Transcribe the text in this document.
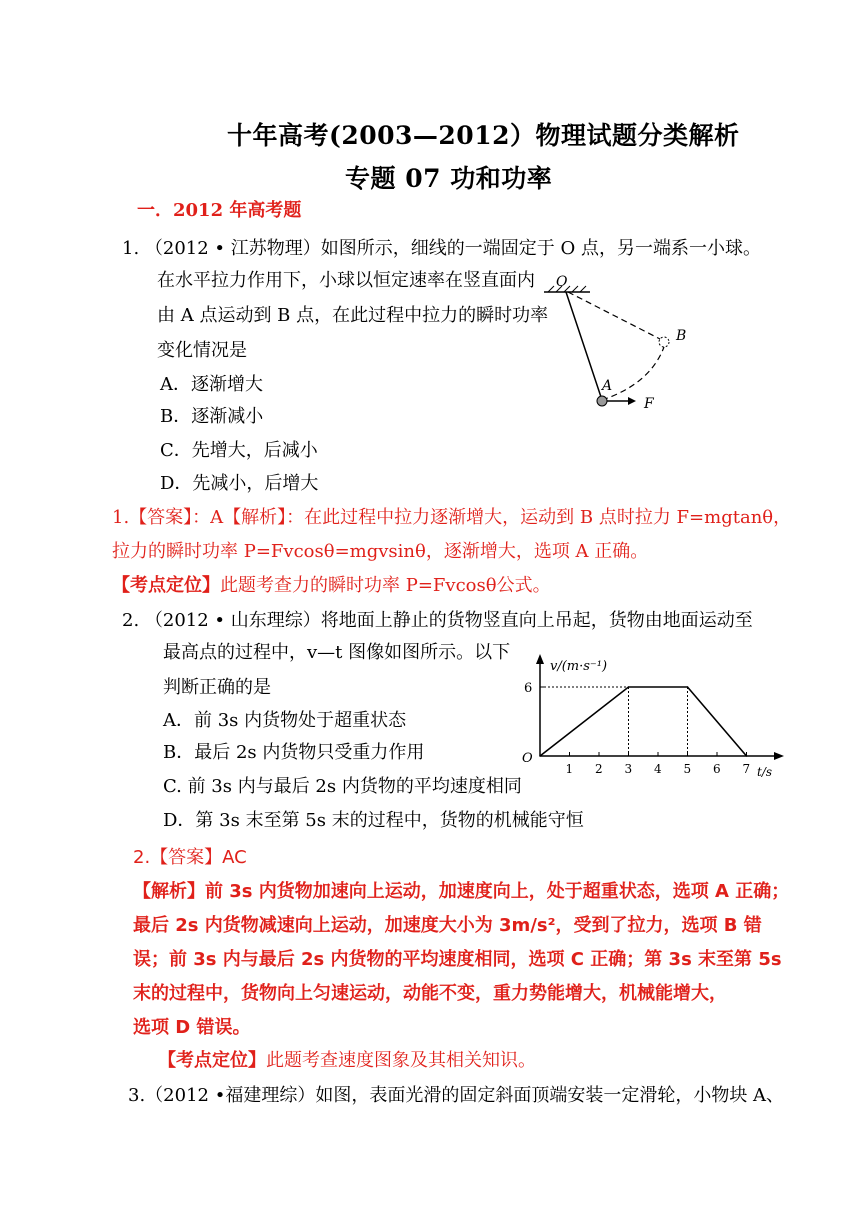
十年高考(2003—2012）物理试题分类解析
专题 07 功和功率
一．2012 年高考题
1. （2012 • 江苏物理）如图所示，细线的一端固定于 O 点，另一端系一小球。
在水平拉力作用下，小球以恒定速率在竖直面内
由 A 点运动到 B 点，在此过程中拉力的瞬时功率
变化情况是
A．逐渐增大
B．逐渐减小
C．先增大，后减小
D．先减小，后增大
O
B
A
F
1.【答案】：A【解析】：在此过程中拉力逐渐增大，运动到 B 点时拉力 F=mgtanθ，
拉力的瞬时功率 P=Fvcosθ=mgvsinθ，逐渐增大，选项 A 正确。
【考点定位】此题考查力的瞬时功率 P=Fvcosθ公式。
2. （2012 • 山东理综）将地面上静止的货物竖直向上吊起，货物由地面运动至
最高点的过程中，v—t 图像如图所示。以下
判断正确的是
A．前 3s 内货物处于超重状态
B．最后 2s 内货物只受重力作用
C. 前 3s 内与最后 2s 内货物的平均速度相同
D．第 3s 末至第 5s 末的过程中，货物的机械能守恒
v/(m·s⁻¹)
t/s
O
1 2 3 4 5 6 7
6
2.【答案】AC
【解析】前 3s 内货物加速向上运动，加速度向上，处于超重状态，选项 A 正确；
最后 2s 内货物减速向上运动，加速度大小为 3m/s²，受到了拉力，选项 B 错
误；前 3s 内与最后 2s 内货物的平均速度相同，选项 C 正确；第 3s 末至第 5s
末的过程中，货物向上匀速运动，动能不变，重力势能增大，机械能增大，
选项 D 错误。
【考点定位】此题考查速度图象及其相关知识。
3.（2012 •福建理综）如图，表面光滑的固定斜面顶端安装一定滑轮，小物块 A、
